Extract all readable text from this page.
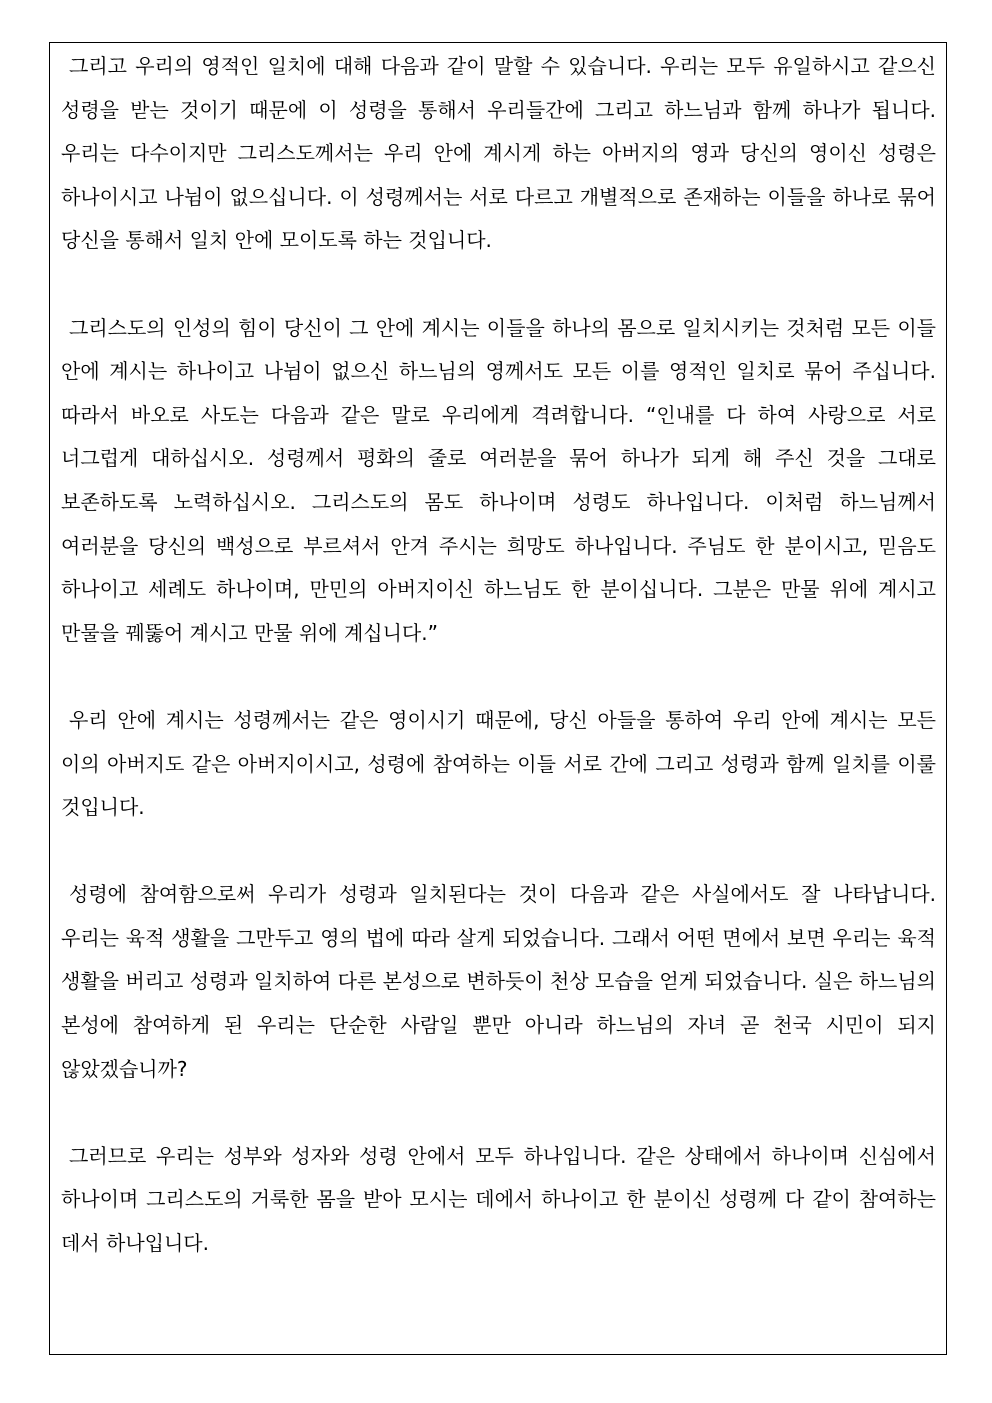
그리고 우리의 영적인 일치에 대해 다음과 같이 말할 수 있습니다. 우리는 모두 유일하시고 같으신 성령을 받는 것이기 때문에 이 성령을 통해서 우리들간에 그리고 하느님과 함께 하나가 됩니다. 우리는 다수이지만 그리스도께서는 우리 안에 계시게 하는 아버지의 영과 당신의 영이신 성령은 하나이시고 나뉨이 없으십니다. 이 성령께서는 서로 다르고 개별적으로 존재하는 이들을 하나로 묶어 당신을 통해서 일치 안에 모이도록 하는 것입니다.

그리스도의 인성의 힘이 당신이 그 안에 계시는 이들을 하나의 몸으로 일치시키는 것처럼 모든 이들 안에 계시는 하나이고 나뉨이 없으신 하느님의 영께서도 모든 이를 영적인 일치로 묶어 주십니다. 따라서 바오로 사도는 다음과 같은 말로 우리에게 격려합니다. “인내를 다 하여 사랑으로 서로 너그럽게 대하십시오. 성령께서 평화의 줄로 여러분을 묶어 하나가 되게 해 주신 것을 그대로 보존하도록 노력하십시오. 그리스도의 몸도 하나이며 성령도 하나입니다. 이처럼 하느님께서 여러분을 당신의 백성으로 부르셔서 안겨 주시는 희망도 하나입니다. 주님도 한 분이시고, 믿음도 하나이고 세례도 하나이며, 만민의 아버지이신 하느님도 한 분이십니다. 그분은 만물 위에 계시고 만물을 꿰뚫어 계시고 만물 위에 계십니다.”

우리 안에 계시는 성령께서는 같은 영이시기 때문에, 당신 아들을 통하여 우리 안에 계시는 모든 이의 아버지도 같은 아버지이시고, 성령에 참여하는 이들 서로 간에 그리고 성령과 함께 일치를 이룰 것입니다.

성령에 참여함으로써 우리가 성령과 일치된다는 것이 다음과 같은 사실에서도 잘 나타납니다. 우리는 육적 생활을 그만두고 영의 법에 따라 살게 되었습니다. 그래서 어떤 면에서 보면 우리는 육적 생활을 버리고 성령과 일치하여 다른 본성으로 변하듯이 천상 모습을 얻게 되었습니다. 실은 하느님의 본성에 참여하게 된 우리는 단순한 사람일 뿐만 아니라 하느님의 자녀 곧 천국 시민이 되지 않았겠습니까?

그러므로 우리는 성부와 성자와 성령 안에서 모두 하나입니다. 같은 상태에서 하나이며 신심에서 하나이며 그리스도의 거룩한 몸을 받아 모시는 데에서 하나이고 한 분이신 성령께 다 같이 참여하는 데서 하나입니다.
